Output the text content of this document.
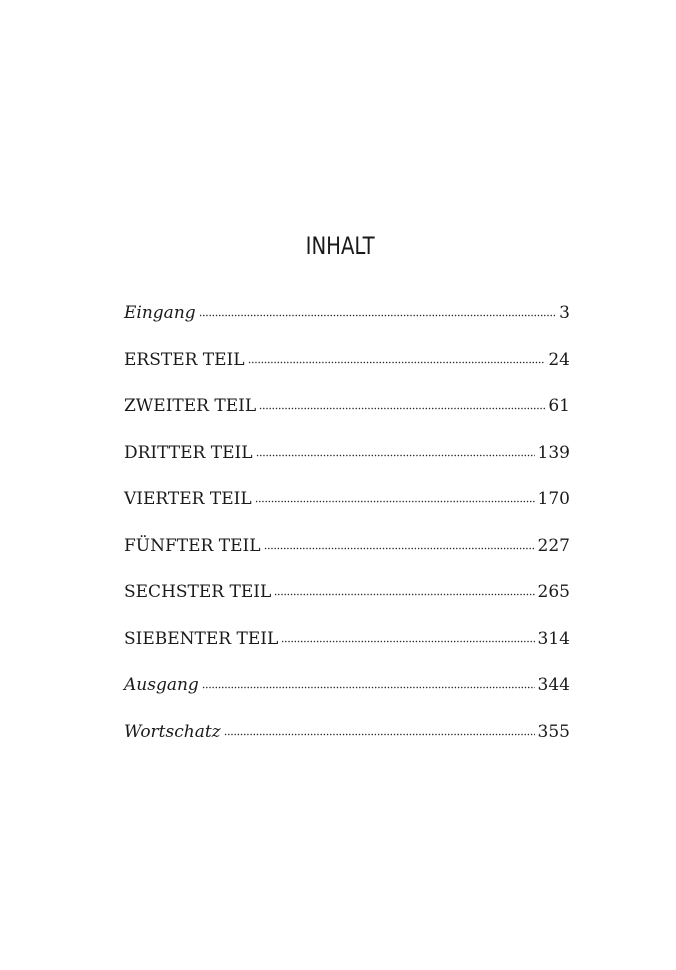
INHALT
Eingang	3
ERSTER TEIL	24
ZWEITER TEIL	61
DRITTER TEIL	139
VIERTER TEIL	170
FÜNFTER TEIL	227
SECHSTER TEIL	265
SIEBENTER TEIL	314
Ausgang	344
Wortschatz	355
